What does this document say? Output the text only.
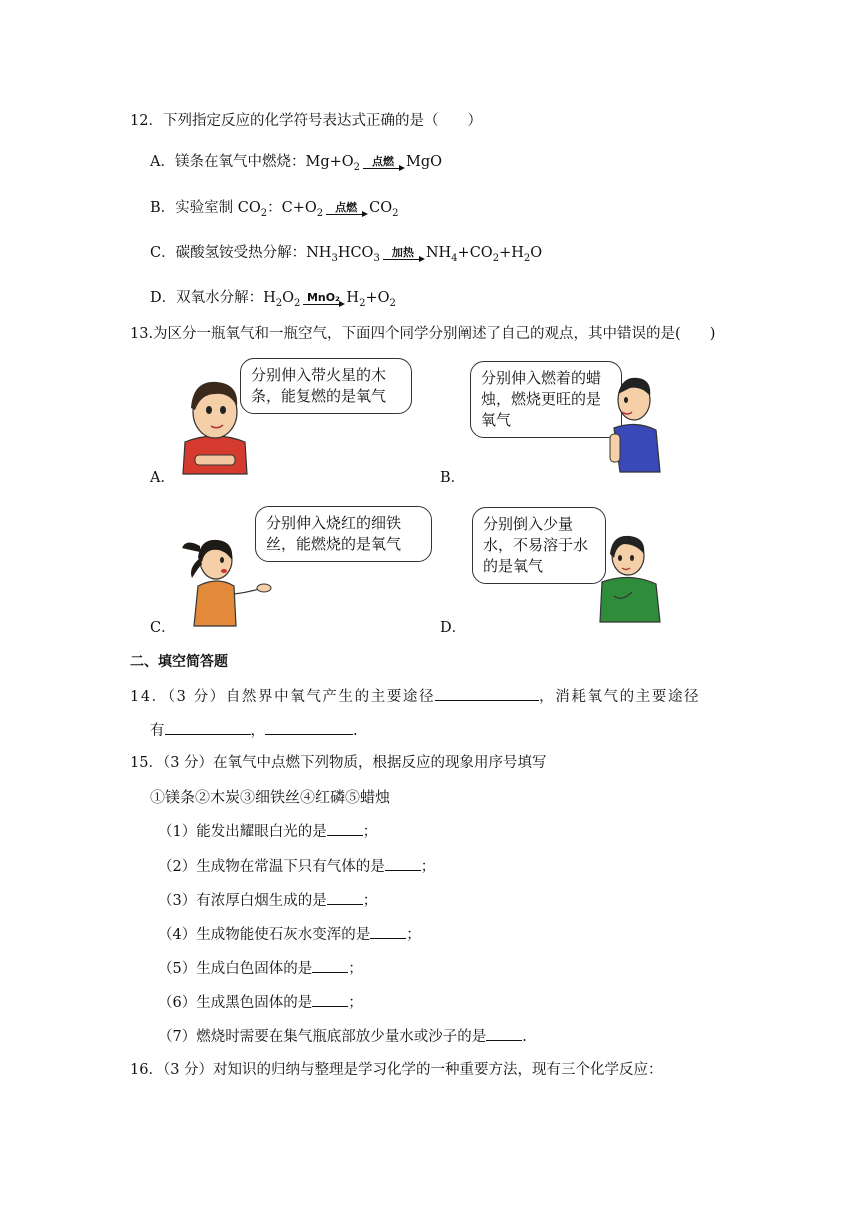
12．下列指定反应的化学符号表达式正确的是（　　）
A．镁条在氧气中燃烧：$Mg+O_2$	点燃 MgO
B．实验室制 $CO_2$：$C+O_2$	点燃 $CO_2$
C．碳酸氢铵受热分解：$NH_3HCO_3$	加热 $NH_4+CO_2+H_2O$
D．双氧水分解：$H_2O_2$ MnO₂ $H_2+O_2$
13.为区分一瓶氧气和一瓶空气，下面四个同学分别阐述了自己的观点，其中错误的是(　　)
分别伸入带火星的木条，能复燃的是氧气
A．
分别伸入燃着的蜡烛，燃烧更旺的是氧气
B．
分别伸入烧红的细铁丝，能燃烧的是氧气
C．
分别倒入少量水，不易溶于水的是氧气
D．
二、填空简答题
14．（3 分）自然界中氧气产生的主要途径	，消耗氧气的主要途径
有	，	.
15．（3 分）在氧气中点燃下列物质，根据反应的现象用序号填写
①镁条②木炭③细铁丝④红磷⑤蜡烛
（1）能发出耀眼白光的是 ；
（2）生成物在常温下只有气体的是 ；
（3）有浓厚白烟生成的是 ；
（4）生成物能使石灰水变浑的是 ；
（5）生成白色固体的是 ；
（6）生成黑色固体的是 ；
（7）燃烧时需要在集气瓶底部放少量水或沙子的是 .
16．（3 分）对知识的归纳与整理是学习化学的一种重要方法，现有三个化学反应：
